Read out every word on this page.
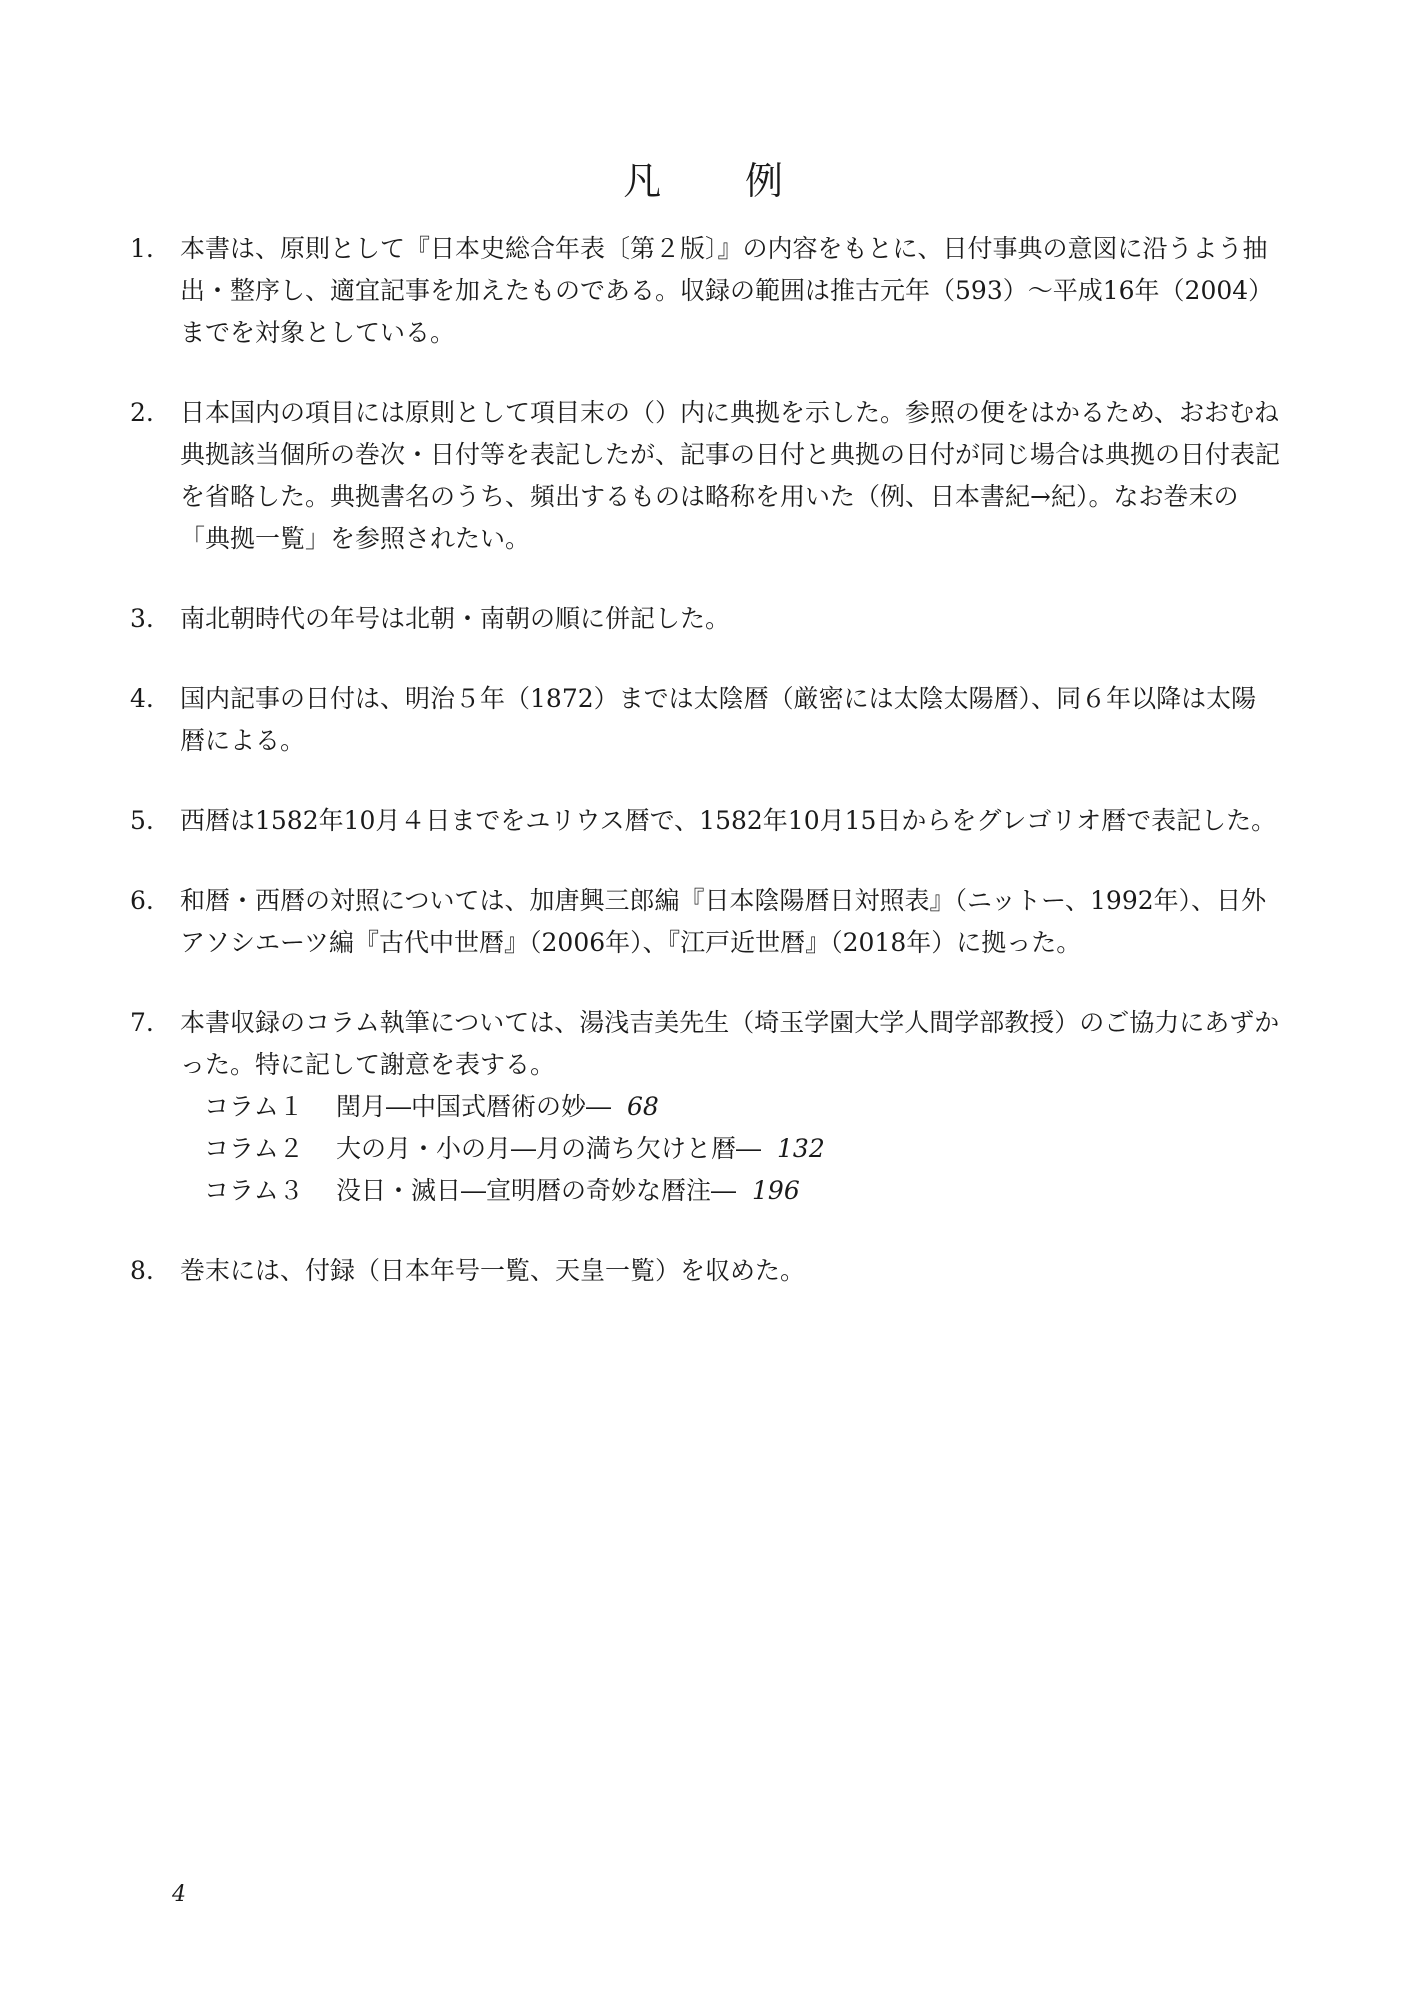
凡 例
1.	本書は、原則として『日本史総合年表〔第２版〕』の内容をもとに、日付事典の意図に沿うよう抽出・整序し、適宜記事を加えたものである。収録の範囲は推古元年（593）〜平成16年（2004）までを対象としている。
2.	日本国内の項目には原則として項目末の（）内に典拠を示した。参照の便をはかるため、おおむね典拠該当個所の巻次・日付等を表記したが、記事の日付と典拠の日付が同じ場合は典拠の日付表記を省略した。典拠書名のうち、頻出するものは略称を用いた（例、日本書紀→紀）。なお巻末の「典拠一覧」を参照されたい。
3.	南北朝時代の年号は北朝・南朝の順に併記した。
4.	国内記事の日付は、明治５年（1872）までは太陰暦（厳密には太陰太陽暦）、同６年以降は太陽暦による。
5.	西暦は1582年10月４日までをユリウス暦で、1582年10月15日からをグレゴリオ暦で表記した。
6.	和暦・西暦の対照については、加唐興三郎編『日本陰陽暦日対照表』（ニットー、1992年）、日外アソシエーツ編『古代中世暦』（2006年）、『江戸近世暦』（2018年）に拠った。
7.	本書収録のコラム執筆については、湯浅吉美先生（埼玉学園大学人間学部教授）のご協力にあずかった。特に記して謝意を表する。
コラム１ 閏月―中国式暦術の妙― 68
コラム２ 大の月・小の月―月の満ち欠けと暦― 132
コラム３ 没日・滅日―宣明暦の奇妙な暦注― 196
8.	巻末には、付録（日本年号一覧、天皇一覧）を収めた。
4
